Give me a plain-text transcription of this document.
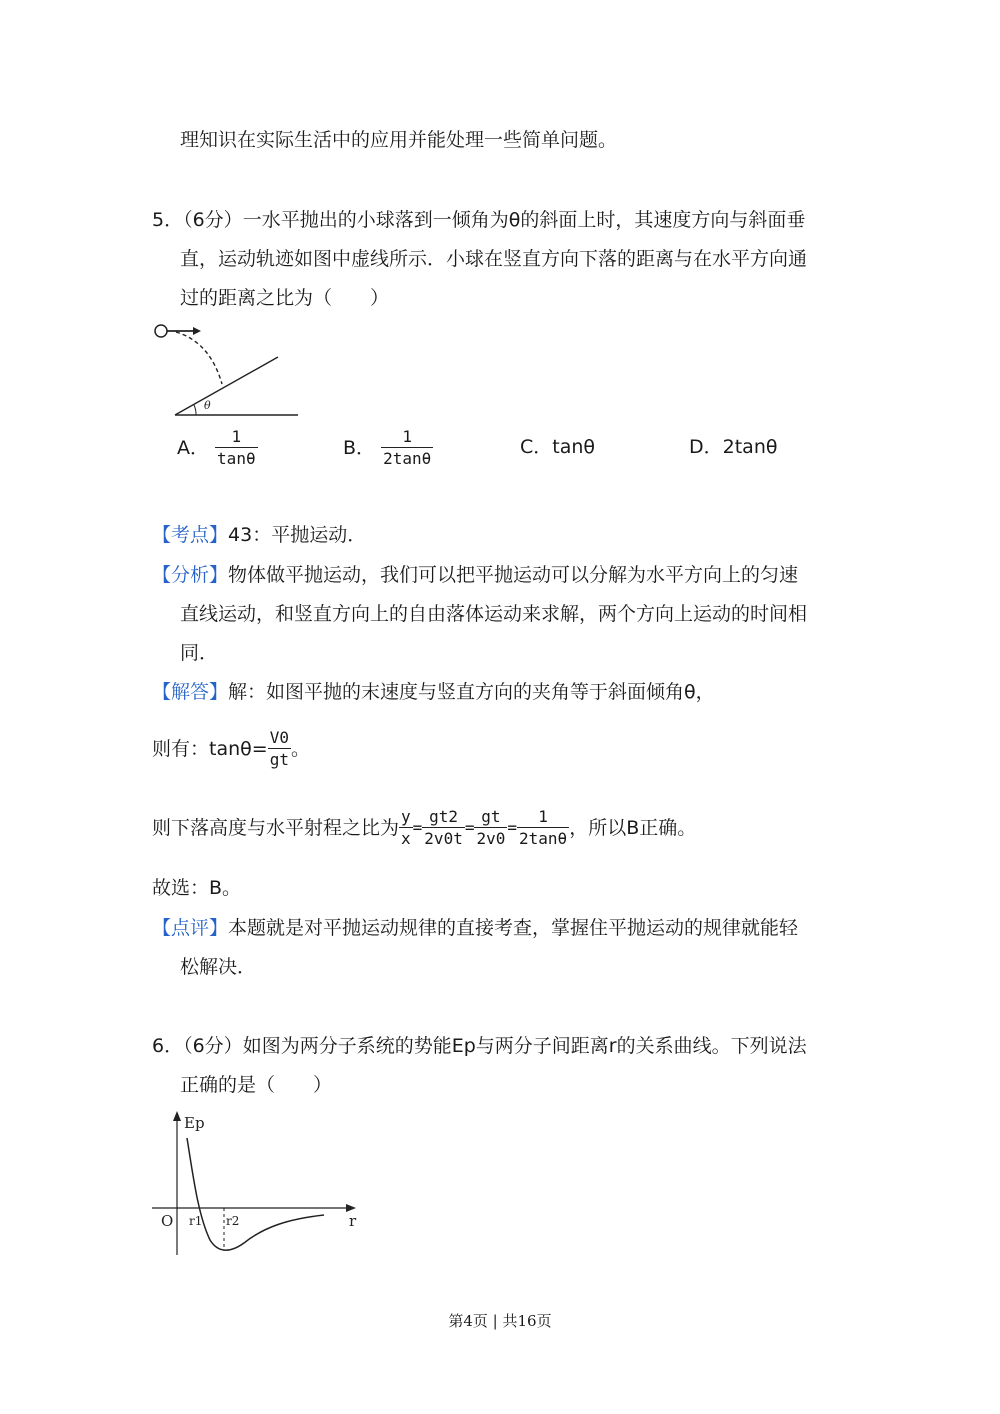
理知识在实际生活中的应用并能处理一些简单问题。
5．（6分）一水平抛出的小球落到一倾角为θ的斜面上时，其速度方向与斜面垂
直，运动轨迹如图中虚线所示．小球在竖直方向下落的距离与在水平方向通
过的距离之比为（　　）
θ
A． $\frac{1}{\tan\theta}$	B． $\frac{1}{2\tan\theta}$	C．tanθ	D．2tanθ
【考点】43：平抛运动．
【分析】物体做平抛运动，我们可以把平抛运动可以分解为水平方向上的匀速
直线运动，和竖直方向上的自由落体运动来求解，两个方向上运动的时间相
同．
【解答】解：如图平抛的末速度与竖直方向的夹角等于斜面倾角θ，
则有：$\tan\theta= \frac{V0}{gt}$ 。
则下落高度与水平射程之比为 $\frac{y}{x} = \frac{gt2}{2v0t} = \frac{gt}{2v0} = \frac{1}{2\tan\theta}$ ，所以B正确。
故选：B。
【点评】本题就是对平抛运动规律的直接考查，掌握住平抛运动的规律就能轻
松解决．
6．（6分）如图为两分子系统的势能Ep与两分子间距离r的关系曲线。下列说法
正确的是（　　）
Ep
r
O r1 r2
第4页 | 共16页
